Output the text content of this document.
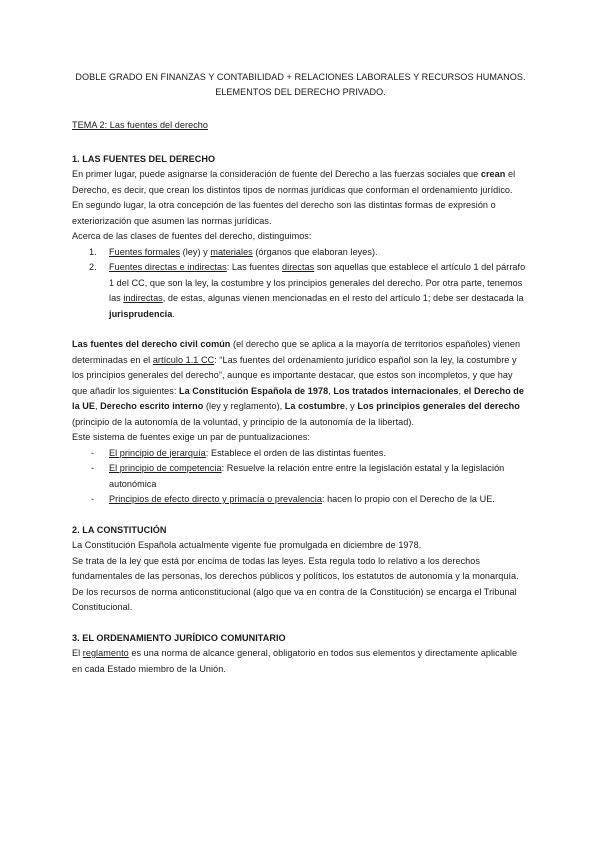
DOBLE GRADO EN FINANZAS Y CONTABILIDAD + RELACIONES LABORALES Y RECURSOS HUMANOS.
ELEMENTOS DEL DERECHO PRIVADO.
TEMA 2: Las fuentes del derecho

1. LAS FUENTES DEL DERECHO

En primer lugar, puede asignarse la consideración de fuente del Derecho a las fuerzas sociales que crean el Derecho, es decir, que crean los distintos tipos de normas jurídicas que conforman el ordenamiento jurídico.

En segundo lugar, la otra concepción de las fuentes del derecho son las distintas formas de expresión o exteriorización que asumen las normas jurídicas.

Acerca de las clases de fuentes del derecho, distinguimos:

1. Fuentes formales (ley) y materiales (órganos que elaboran leyes).
2. Fuentes directas e indirectas: Las fuentes directas son aquellas que establece el artículo 1 del párrafo 1 del CC, que son la ley, la costumbre y los principios generales del derecho. Por otra parte, tenemos las indirectas, de estas, algunas vienen mencionadas en el resto del artículo 1; debe ser destacada la jurisprudencia.

Las fuentes del derecho civil común (el derecho que se aplica a la mayoría de territorios españoles) vienen determinadas en el artículo 1.1 CC: “Las fuentes del ordenamiento jurídico español son la ley, la costumbre y los principios generales del derecho”, aunque es importante destacar, que estos son incompletos, y que hay que añadir los siguientes: La Constitución Española de 1978, Los tratados internacionales, el Derecho de la UE, Derecho escrito interno (ley y reglamento), La costumbre, y Los principios generales del derecho (principio de la autonomía de la voluntad, y principio de la autonomía de la libertad).

Este sistema de fuentes exige un par de puntualizaciones:

- El principio de jerarquía: Establece el orden de las distintas fuentes.
- El principio de competencia: Resuelve la relación entre entre la legislación estatal y la legislación autonómica
- Principios de efecto directo y primacía o prevalencia: hacen lo propio con el Derecho de la UE.

2. LA CONSTITUCIÓN

La Constitución Española actualmente vigente fue promulgada en diciembre de 1978.

Se trata de la ley que está por encima de todas las leyes. Esta regula todo lo relativo a los derechos fundamentales de las personas, los derechos públicos y políticos, los estatutos de autonomía y la monarquía.

De los recursos de norma anticonstitucional (algo que va en contra de la Constitución) se encarga el Tribunal Constitucional.

3. EL ORDENAMIENTO JURÍDICO COMUNITARIO

El reglamento es una norma de alcance general, obligatorio en todos sus elementos y directamente aplicable en cada Estado miembro de la Unión.
